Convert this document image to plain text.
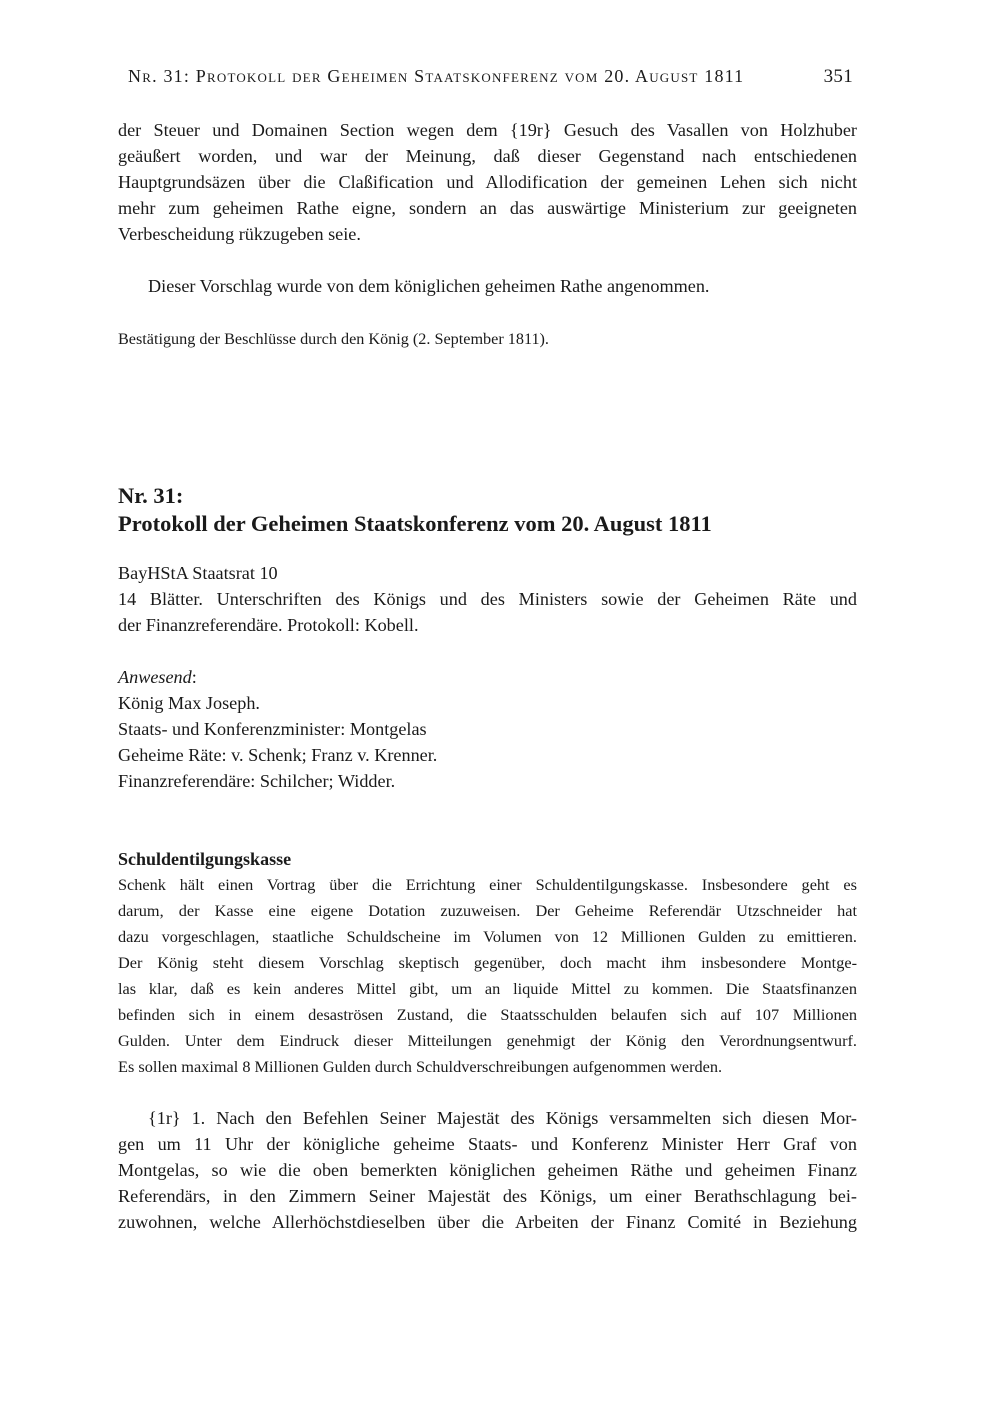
Nr. 31: Protokoll der Geheimen Staatskonferenz vom 20. August 1811	351
der Steuer und Domainen Section wegen dem {19r} Gesuch des Vasallen von Holzhuber
geäußert worden, und war der Meinung, daß dieser Gegenstand nach entschiedenen
Hauptgrundsäzen über die Claßification und Allodification der gemeinen Lehen sich nicht
mehr zum geheimen Rathe eigne, sondern an das auswärtige Ministerium zur geeigneten
Verbescheidung rükzugeben seie.
Dieser Vorschlag wurde von dem königlichen geheimen Rathe angenommen.
Bestätigung der Beschlüsse durch den König (2. September 1811).
Nr. 31:
Protokoll der Geheimen Staatskonferenz vom 20. August 1811
BayHStA Staatsrat 10
14 Blätter. Unterschriften des Königs und des Ministers sowie der Geheimen Räte und
der Finanzreferendäre. Protokoll: Kobell.
Anwesend:
König Max Joseph.
Staats- und Konferenzminister: Montgelas
Geheime Räte: v. Schenk; Franz v. Krenner.
Finanzreferendäre: Schilcher; Widder.
Schuldentilgungskasse
Schenk hält einen Vortrag über die Errichtung einer Schuldentilgungskasse. Insbesondere geht es
darum, der Kasse eine eigene Dotation zuzuweisen. Der Geheime Referendär Utzschneider hat
dazu vorgeschlagen, staatliche Schuldscheine im Volumen von 12 Millionen Gulden zu emittieren.
Der König steht diesem Vorschlag skeptisch gegenüber, doch macht ihm insbesondere Montge-
las klar, daß es kein anderes Mittel gibt, um an liquide Mittel zu kommen. Die Staatsfinanzen
befinden sich in einem desaströsen Zustand, die Staatsschulden belaufen sich auf 107 Millionen
Gulden. Unter dem Eindruck dieser Mitteilungen genehmigt der König den Verordnungsentwurf.
Es sollen maximal 8 Millionen Gulden durch Schuldverschreibungen aufgenommen werden.
{1r} 1. Nach den Befehlen Seiner Majestät des Königs versammelten sich diesen Mor-
gen um 11 Uhr der königliche geheime Staats- und Konferenz Minister Herr Graf von
Montgelas, so wie die oben bemerkten königlichen geheimen Räthe und geheimen Finanz
Referendärs, in den Zimmern Seiner Majestät des Königs, um einer Berathschlagung bei-
zuwohnen, welche Allerhöchstdieselben über die Arbeiten der Finanz Comité in Beziehung
